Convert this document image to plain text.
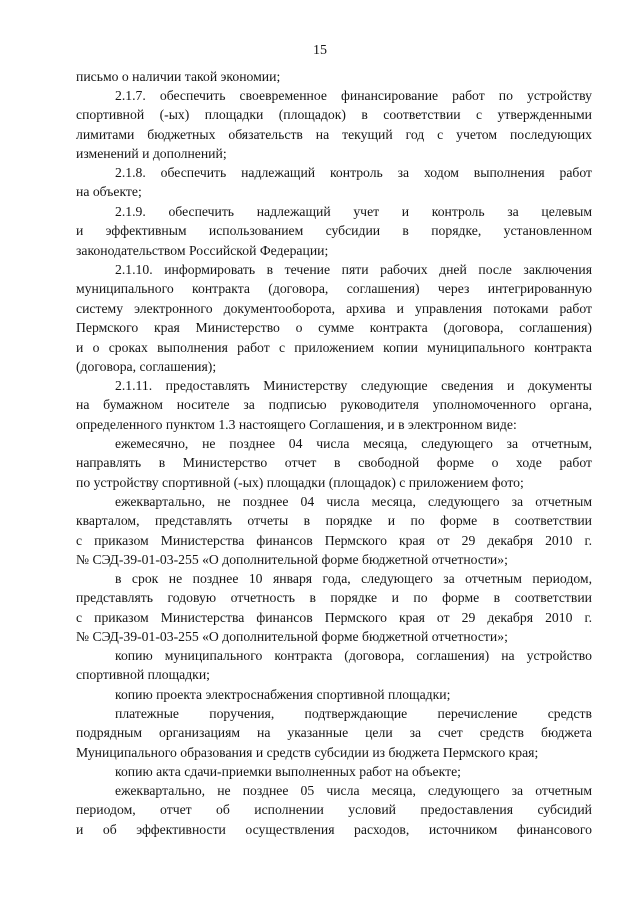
15
письмо о наличии такой экономии;
2.1.7. обеспечить своевременное финансирование работ по устройству
спортивной (-ых) площадки (площадок) в соответствии с утвержденными
лимитами бюджетных обязательств на текущий год с учетом последующих
изменений и дополнений;
2.1.8. обеспечить надлежащий контроль за ходом выполнения работ
на объекте;
2.1.9. обеспечить надлежащий учет и контроль за целевым
и эффективным использованием субсидии в порядке, установленном
законодательством Российской Федерации;
2.1.10. информировать в течение пяти рабочих дней после заключения
муниципального контракта (договора, соглашения) через интегрированную
систему электронного документооборота, архива и управления потоками работ
Пермского края Министерство о сумме контракта (договора, соглашения)
и о сроках выполнения работ с приложением копии муниципального контракта
(договора, соглашения);
2.1.11. предоставлять Министерству следующие сведения и документы
на бумажном носителе за подписью руководителя уполномоченного органа,
определенного пунктом 1.3 настоящего Соглашения, и в электронном виде:
ежемесячно, не позднее 04 числа месяца, следующего за отчетным,
направлять в Министерство отчет в свободной форме о ходе работ
по устройству спортивной (-ых) площадки (площадок) с приложением фото;
ежеквартально, не позднее 04 числа месяца, следующего за отчетным
кварталом, представлять отчеты в порядке и по форме в соответствии
с приказом Министерства финансов Пермского края от 29 декабря 2010 г.
№ СЭД-39-01-03-255 «О дополнительной форме бюджетной отчетности»;
в срок не позднее 10 января года, следующего за отчетным периодом,
представлять годовую отчетность в порядке и по форме в соответствии
с приказом Министерства финансов Пермского края от 29 декабря 2010 г.
№ СЭД-39-01-03-255 «О дополнительной форме бюджетной отчетности»;
копию муниципального контракта (договора, соглашения) на устройство
спортивной площадки;
копию проекта электроснабжения спортивной площадки;
платежные поручения, подтверждающие перечисление средств
подрядным организациям на указанные цели за счет средств бюджета
Муниципального образования и средств субсидии из бюджета Пермского края;
копию акта сдачи-приемки выполненных работ на объекте;
ежеквартально, не позднее 05 числа месяца, следующего за отчетным
периодом, отчет об исполнении условий предоставления субсидий
и об эффективности осуществления расходов, источником финансового
